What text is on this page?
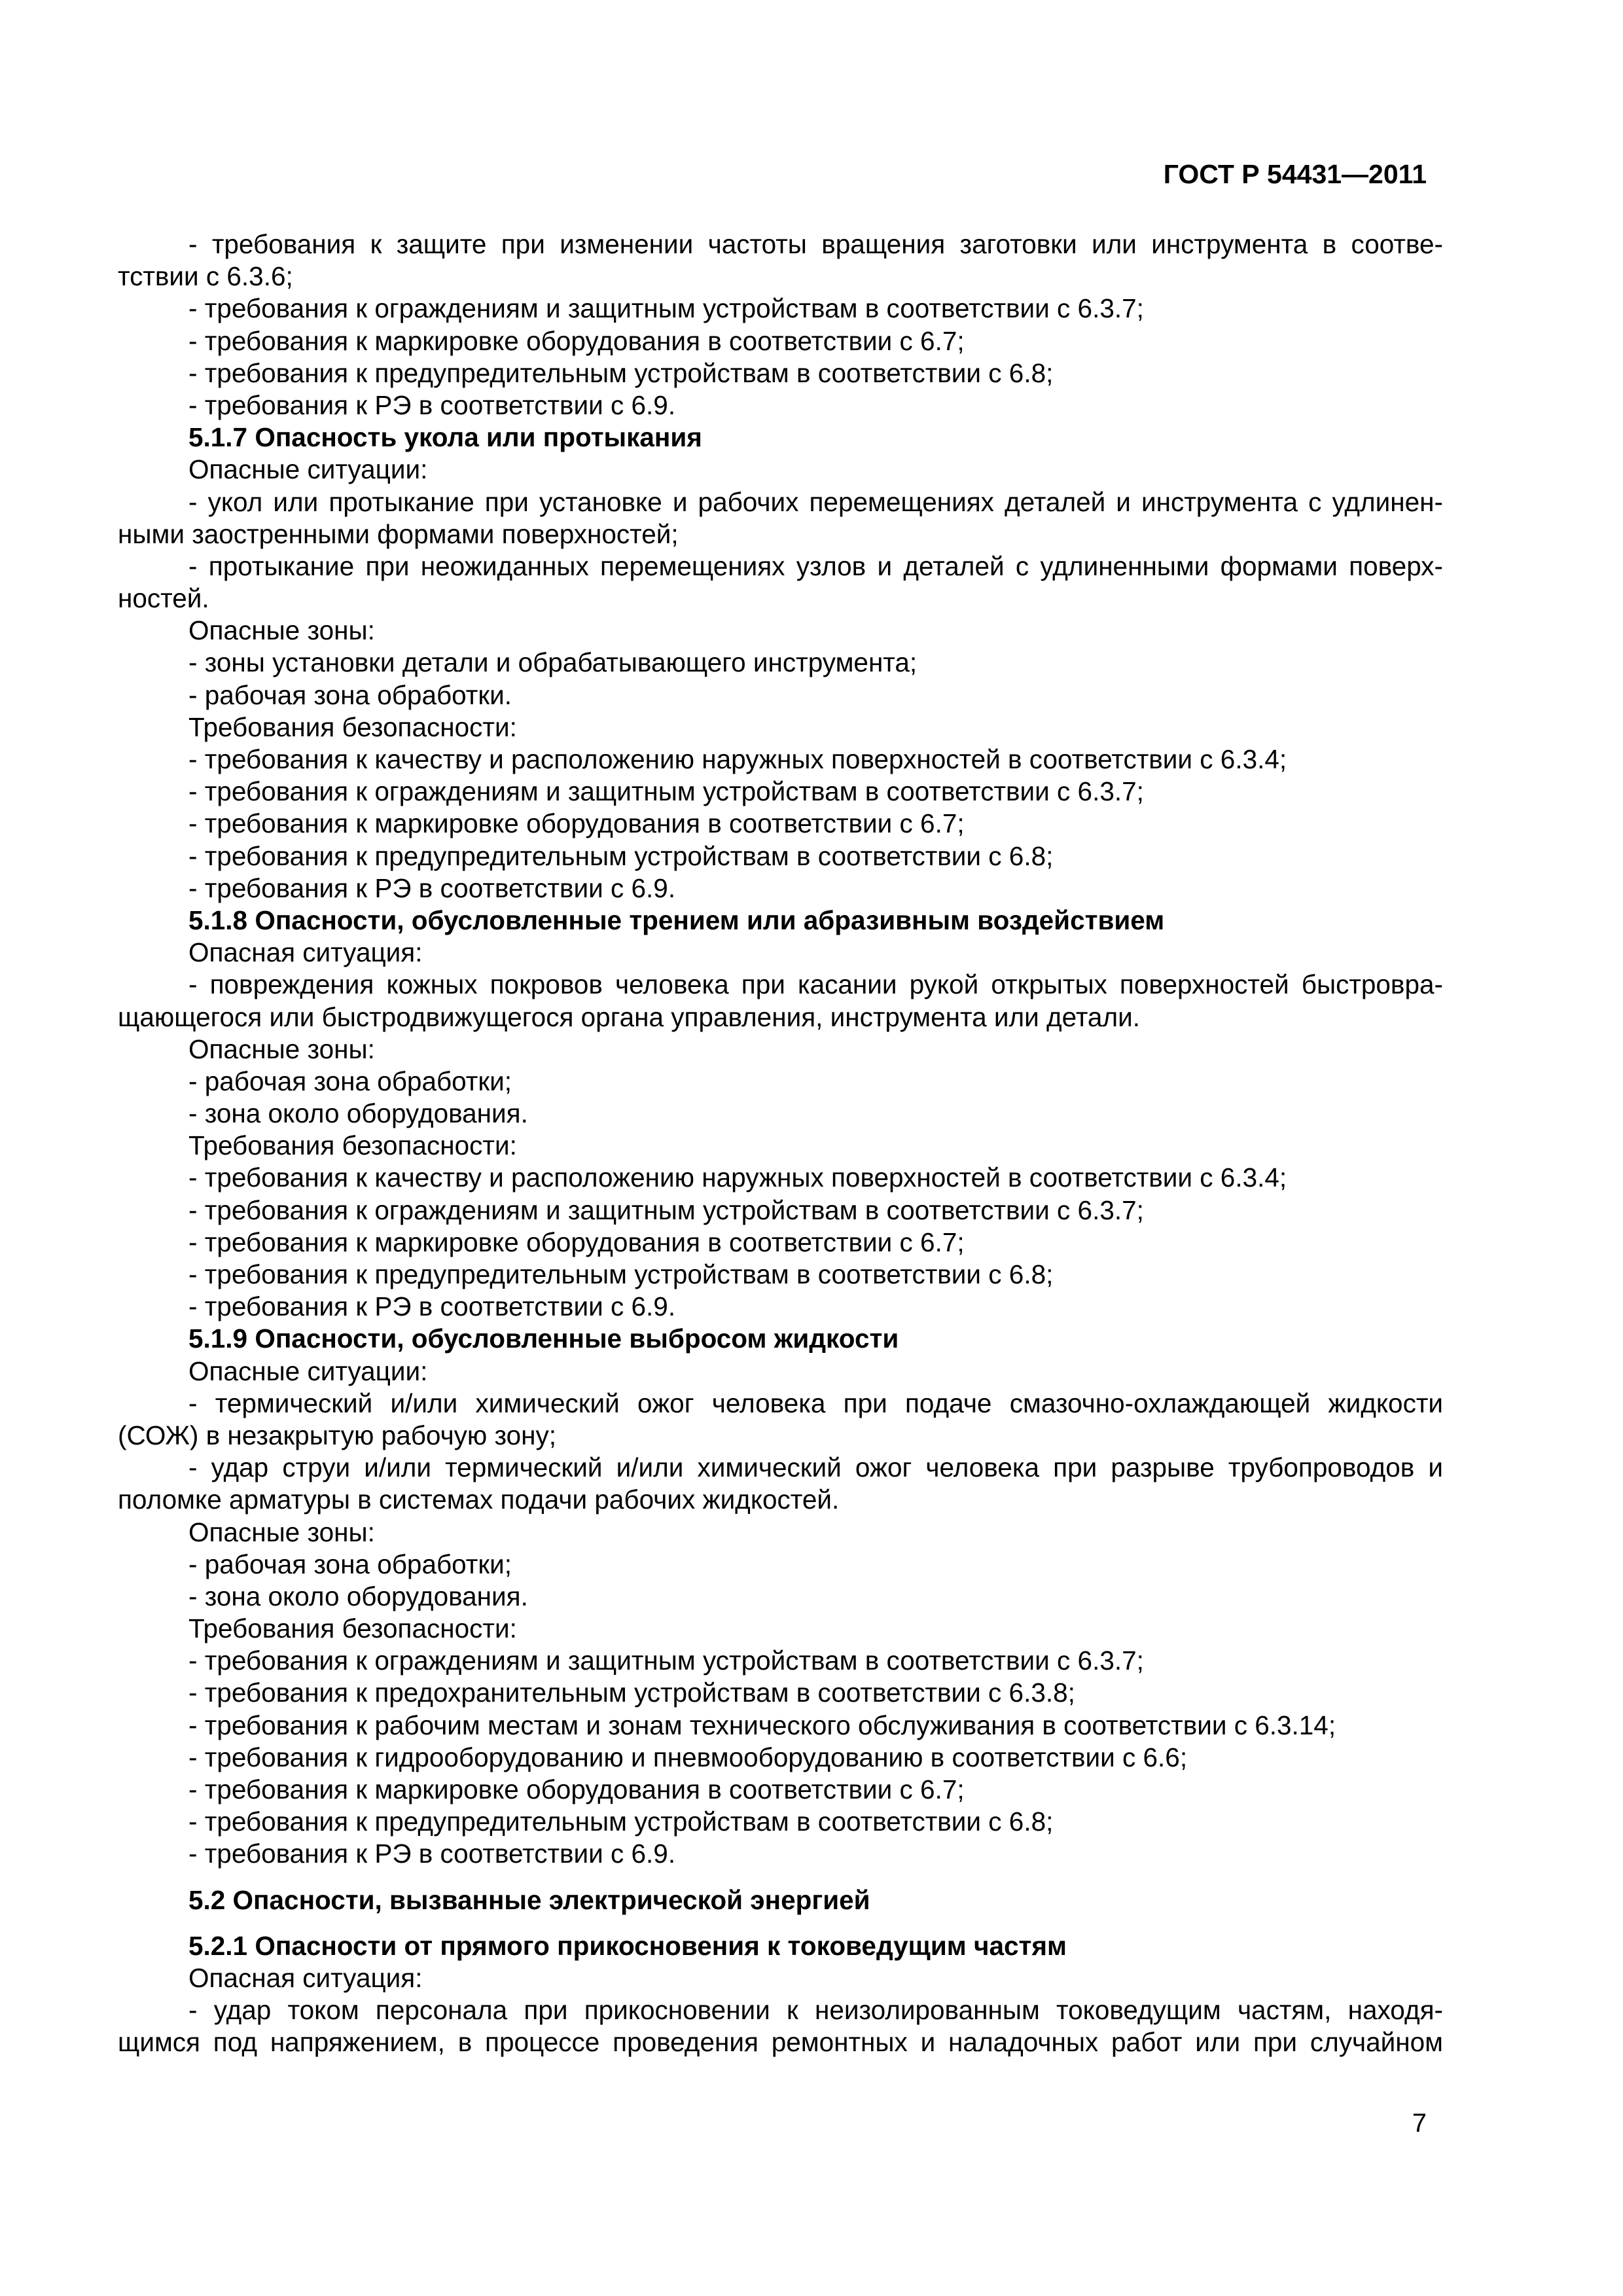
ГОСТ Р 54431—2011
- требования к защите при изменении частоты вращения заготовки или инструмента в соотве-
тствии с 6.3.6;
- требования к ограждениям и защитным устройствам в соответствии с 6.3.7;
- требования к маркировке оборудования в соответствии с 6.7;
- требования к предупредительным устройствам в соответствии с 6.8;
- требования к РЭ в соответствии с 6.9.
5.1.7 Опасность укола или протыкания
Опасные ситуации:
- укол или протыкание при установке и рабочих перемещениях деталей и инструмента с удлинен-
ными заостренными формами поверхностей;
- протыкание при неожиданных перемещениях узлов и деталей с удлиненными формами поверх-
ностей.
Опасные зоны:
- зоны установки детали и обрабатывающего инструмента;
- рабочая зона обработки.
Требования безопасности:
- требования к качеству и расположению наружных поверхностей в соответствии с 6.3.4;
- требования к ограждениям и защитным устройствам в соответствии с 6.3.7;
- требования к маркировке оборудования в соответствии с 6.7;
- требования к предупредительным устройствам в соответствии с 6.8;
- требования к РЭ в соответствии с 6.9.
5.1.8 Опасности, обусловленные трением или абразивным воздействием
Опасная ситуация:
- повреждения кожных покровов человека при касании рукой открытых поверхностей быстровра-
щающегося или быстродвижущегося органа управления, инструмента или детали.
Опасные зоны:
- рабочая зона обработки;
- зона около оборудования.
Требования безопасности:
- требования к качеству и расположению наружных поверхностей в соответствии с 6.3.4;
- требования к ограждениям и защитным устройствам в соответствии с 6.3.7;
- требования к маркировке оборудования в соответствии с 6.7;
- требования к предупредительным устройствам в соответствии с 6.8;
- требования к РЭ в соответствии с 6.9.
5.1.9 Опасности, обусловленные выбросом жидкости
Опасные ситуации:
- термический и/или химический ожог человека при подаче смазочно-охлаждающей жидкости
(СОЖ) в незакрытую рабочую зону;
- удар струи и/или термический и/или химический ожог человека при разрыве трубопроводов и
поломке арматуры в системах подачи рабочих жидкостей.
Опасные зоны:
- рабочая зона обработки;
- зона около оборудования.
Требования безопасности:
- требования к ограждениям и защитным устройствам в соответствии с 6.3.7;
- требования к предохранительным устройствам в соответствии с 6.3.8;
- требования к рабочим местам и зонам технического обслуживания в соответствии с 6.3.14;
- требования к гидрооборудованию и пневмооборудованию в соответствии с 6.6;
- требования к маркировке оборудования в соответствии с 6.7;
- требования к предупредительным устройствам в соответствии с 6.8;
- требования к РЭ в соответствии с 6.9.
5.2 Опасности, вызванные электрической энергией
5.2.1 Опасности от прямого прикосновения к токоведущим частям
Опасная ситуация:
- удар током персонала при прикосновении к неизолированным токоведущим частям, находя-
щимся под напряжением, в процессе проведения ремонтных и наладочных работ или при случайном
7
